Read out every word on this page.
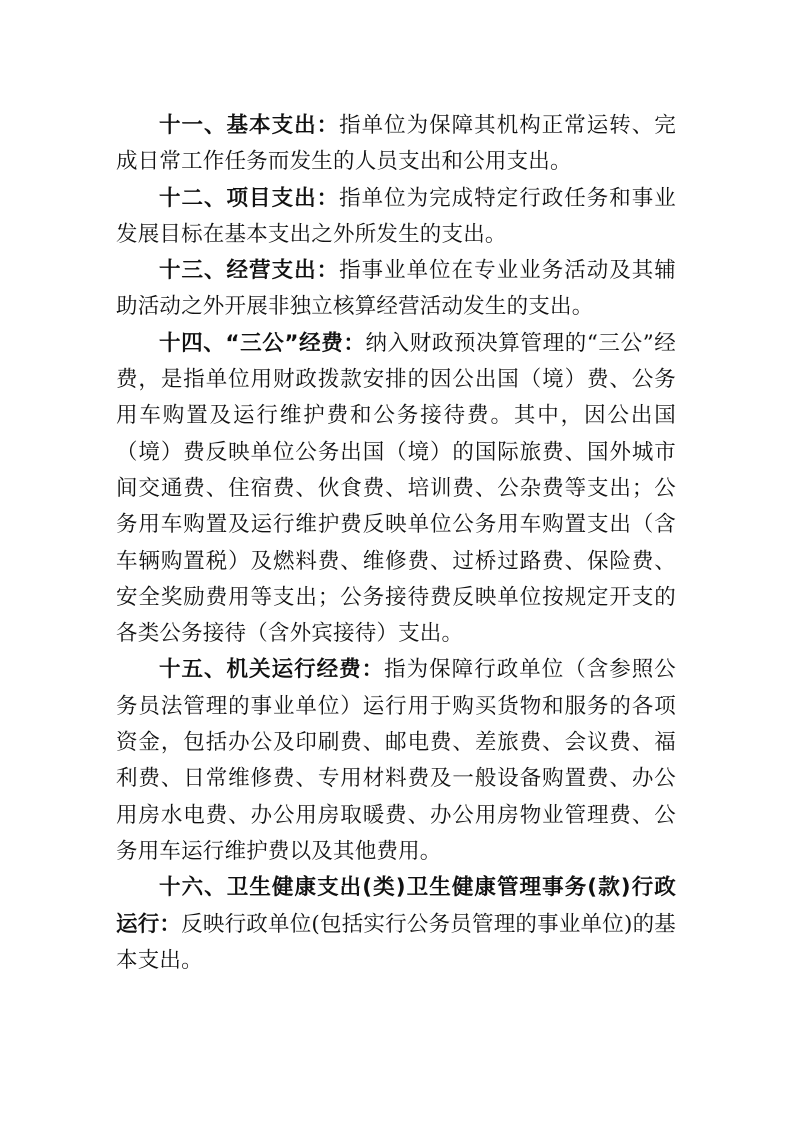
十一、基本支出：指单位为保障其机构正常运转、完成日常工作任务而发生的人员支出和公用支出。

十二、项目支出：指单位为完成特定行政任务和事业发展目标在基本支出之外所发生的支出。

十三、经营支出：指事业单位在专业业务活动及其辅助活动之外开展非独立核算经营活动发生的支出。

十四、“三公”经费：纳入财政预决算管理的“三公”经费，是指单位用财政拨款安排的因公出国（境）费、公务用车购置及运行维护费和公务接待费。其中，因公出国（境）费反映单位公务出国（境）的国际旅费、国外城市间交通费、住宿费、伙食费、培训费、公杂费等支出；公务用车购置及运行维护费反映单位公务用车购置支出（含车辆购置税）及燃料费、维修费、过桥过路费、保险费、安全奖励费用等支出；公务接待费反映单位按规定开支的各类公务接待（含外宾接待）支出。

十五、机关运行经费：指为保障行政单位（含参照公务员法管理的事业单位）运行用于购买货物和服务的各项资金，包括办公及印刷费、邮电费、差旅费、会议费、福利费、日常维修费、专用材料费及一般设备购置费、办公用房水电费、办公用房取暖费、办公用房物业管理费、公务用车运行维护费以及其他费用。

十六、卫生健康支出(类)卫生健康管理事务(款)行政运行：反映行政单位(包括实行公务员管理的事业单位)的基本支出。
